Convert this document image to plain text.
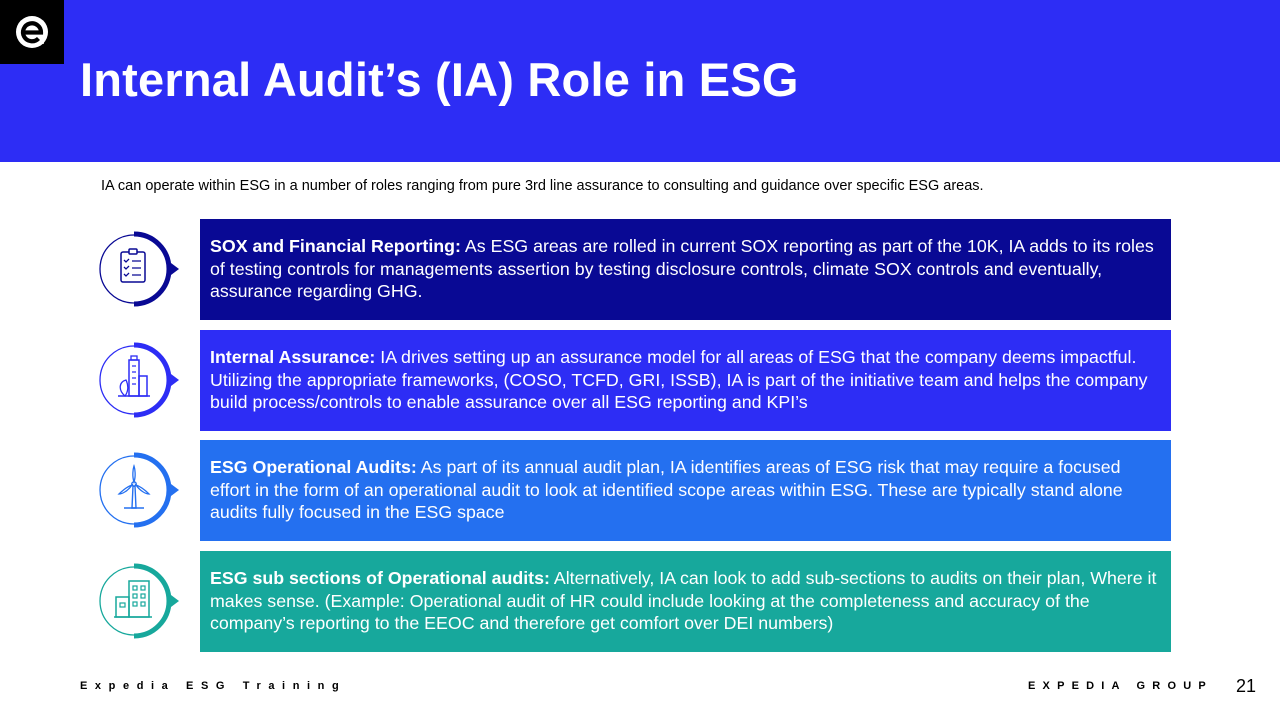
Internal Audit’s (IA) Role in ESG
IA can operate within ESG in a number of roles ranging from pure 3rd line assurance to consulting and guidance over specific ESG areas.
SOX and Financial Reporting: As ESG areas are rolled in current SOX reporting as part of the 10K, IA adds to its roles of testing controls for managements assertion by testing disclosure controls, climate SOX controls and eventually, assurance regarding GHG.
Internal Assurance: IA drives setting up an assurance model for all areas of ESG that the company deems impactful. Utilizing the appropriate frameworks, (COSO, TCFD, GRI, ISSB), IA is part of the initiative team and helps the company build process/controls to enable assurance over all ESG reporting and KPI’s
ESG Operational Audits: As part of its annual audit plan, IA identifies areas of ESG risk that may require a focused effort in the form of an operational audit to look at identified scope areas within ESG. These are typically stand alone audits fully focused in the ESG space
ESG sub sections of Operational audits: Alternatively, IA can look to add sub-sections to audits on their plan, Where it makes sense. (Example: Operational audit of HR could include looking at the completeness and accuracy of the company’s reporting to the EEOC and therefore get comfort over DEI numbers)
Expedia ESG Training	EXPEDIA GROUP 21
